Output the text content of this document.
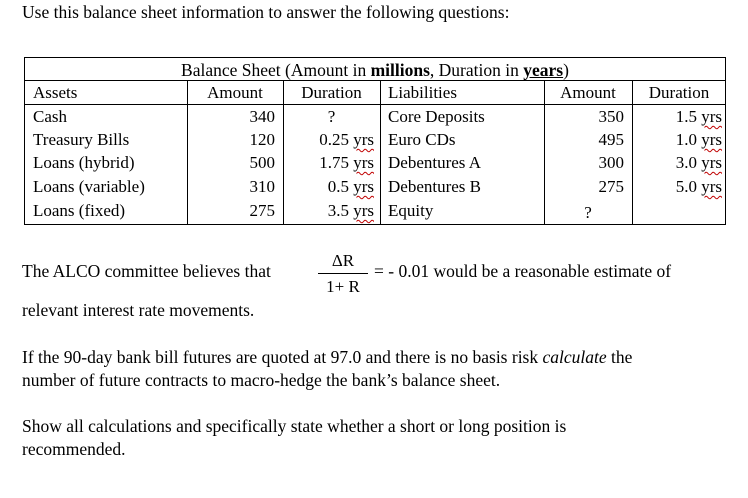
Use this balance sheet information to answer the following questions:
Balance Sheet (Amount in millions, Duration in years)
Assets	Amount	Duration	Liabilities	Amount	Duration
Cash	340	?	Core Deposits	350	1.5 yrs
Treasury Bills	120	0.25 yrs Euro CDs	495	1.0 yrs
Loans (hybrid)	500	1.75 yrs Debentures A	300	3.0 yrs
Loans (variable)	310	0.5 yrs Debentures B	275	5.0 yrs
Loans (fixed)	275	3.5 yrs Equity	?
The ALCO committee believes that
ΔR
1+ R
= - 0.01 would be a reasonable estimate of
relevant interest rate movements.
If the 90-day bank bill futures are quoted at 97.0 and there is no basis risk calculate the
number of future contracts to macro-hedge the bank’s balance sheet.
Show all calculations and specifically state whether a short or long position is
recommended.
